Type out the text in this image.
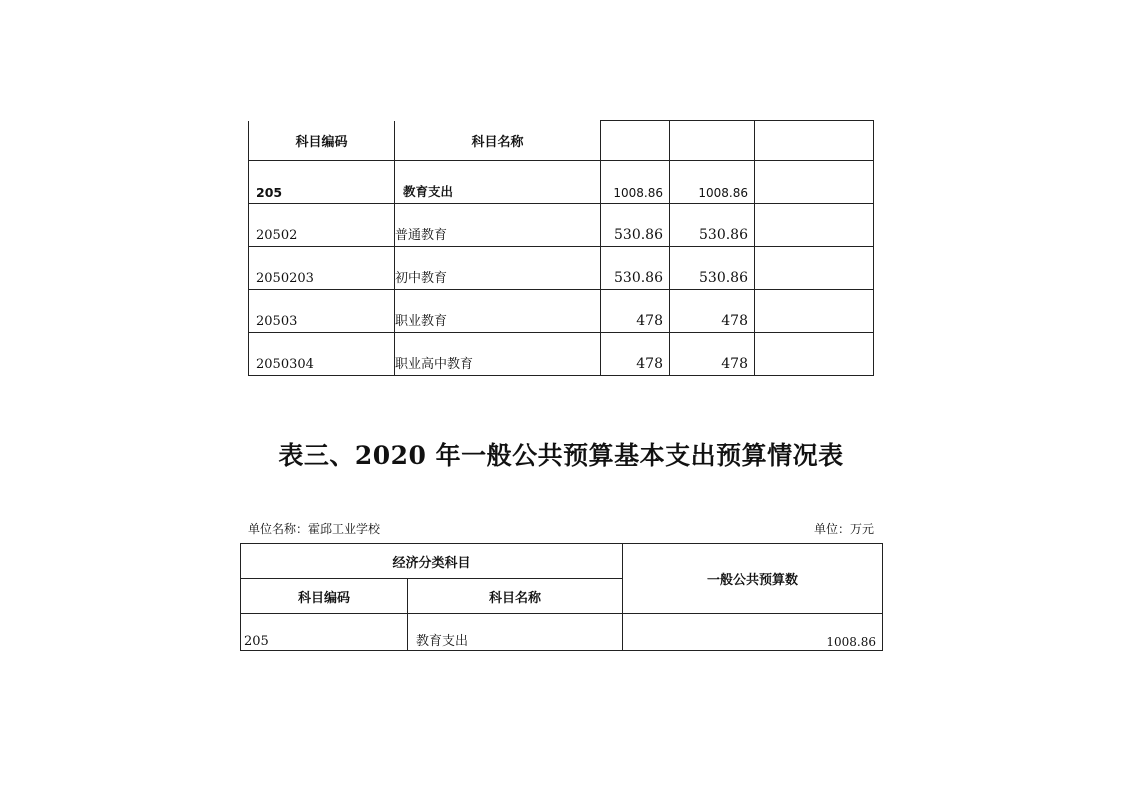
科目编码	科目名称			
205	教育支出	1008.86	1008.86	
20502	普通教育	530.86	530.86	
2050203	初中教育	530.86	530.86	
20503	职业教育	478	478	
2050304	职业高中教育	478	478	
表三、2020 年一般公共预算基本支出预算情况表
单位名称：霍邱工业学校	单位：万元
经济分类科目		一般公共预算数
科目编码	科目名称	
205	教育支出	1008.86
